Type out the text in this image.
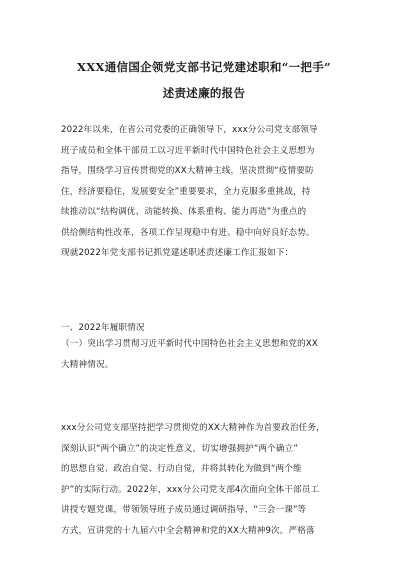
XXX通信国企领党支部书记党建述职和“一把手”

述责述廉的报告

2022年以来，在省公司党委的正确领导下，xxx分公司党支部领导
班子成员和全体干部员工以习近平新时代中国特色社会主义思想为
指导，围绕学习宣传贯彻党的XX大精神主线，坚决贯彻“疫情要防
住，经济要稳住，发展要安全”重要要求，全力克服多重挑战，持
续推动以“结构调优、动能转换、体系重构、能力再造”为重点的
供给侧结构性改革，各项工作呈现稳中有进、稳中向好良好态势。
现就2022年党支部书记抓党建述职述责述廉工作汇报如下：
一、2022年履职情况
（一）突出学习贯彻习近平新时代中国特色社会主义思想和党的XX
大精神情况。
xxx分公司党支部坚持把学习贯彻党的XX大精神作为首要政治任务，
深刻认识“两个确立”的决定性意义，切实增强拥护“两个确立”
的思想自觉、政治自觉、行动自觉，并将其转化为做到“两个维
护”的实际行动。2022年，xxx分公司党支部4次面向全体干部员工
讲授专题党课，带领领导班子成员通过调研指导、“三会一课”等
方式，宣讲党的十九届六中全会精神和党的XX大精神9次。严格落
